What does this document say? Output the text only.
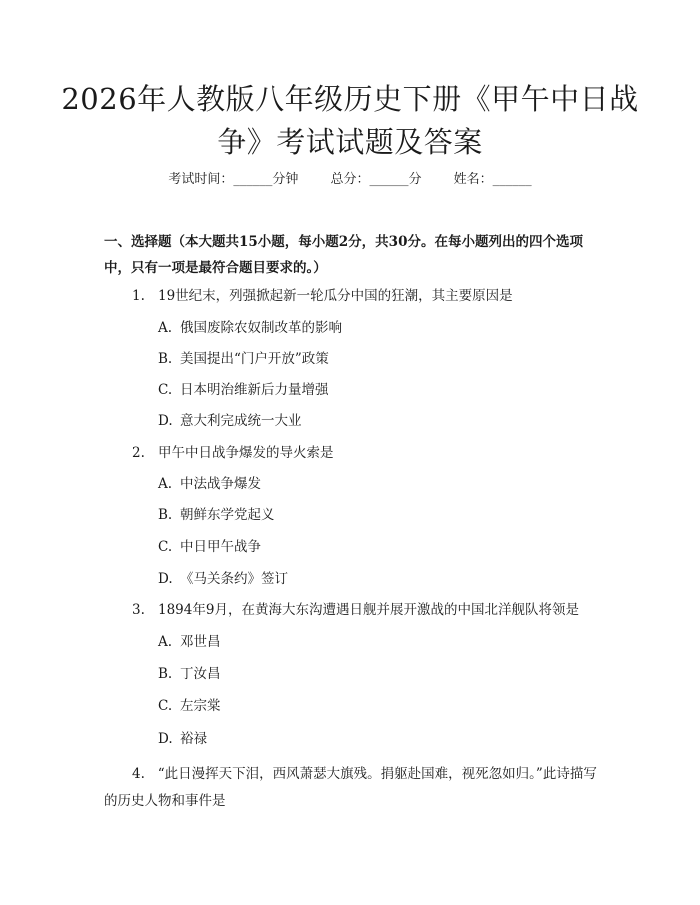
2026年人教版八年级历史下册《甲午中日战争》考试试题及答案
考试时间：______分钟 总分：______分 姓名：______
一、选择题（本大题共15小题，每小题2分，共30分。在每小题列出的四个选项中，只有一项是最符合题目要求的。）
1. 19世纪末，列强掀起新一轮瓜分中国的狂潮，其主要原因是
A. 俄国废除农奴制改革的影响
B. 美国提出“门户开放”政策
C. 日本明治维新后力量增强
D. 意大利完成统一大业
2. 甲午中日战争爆发的导火索是
A. 中法战争爆发
B. 朝鲜东学党起义
C. 中日甲午战争
D. 《马关条约》签订
3. 1894年9月，在黄海大东沟遭遇日舰并展开激战的中国北洋舰队将领是
A. 邓世昌
B. 丁汝昌
C. 左宗棠
D. 裕禄
4. “此日漫挥天下泪，西风萧瑟大旗残。捐躯赴国难，视死忽如归。”此诗描写的历史人物和事件是
